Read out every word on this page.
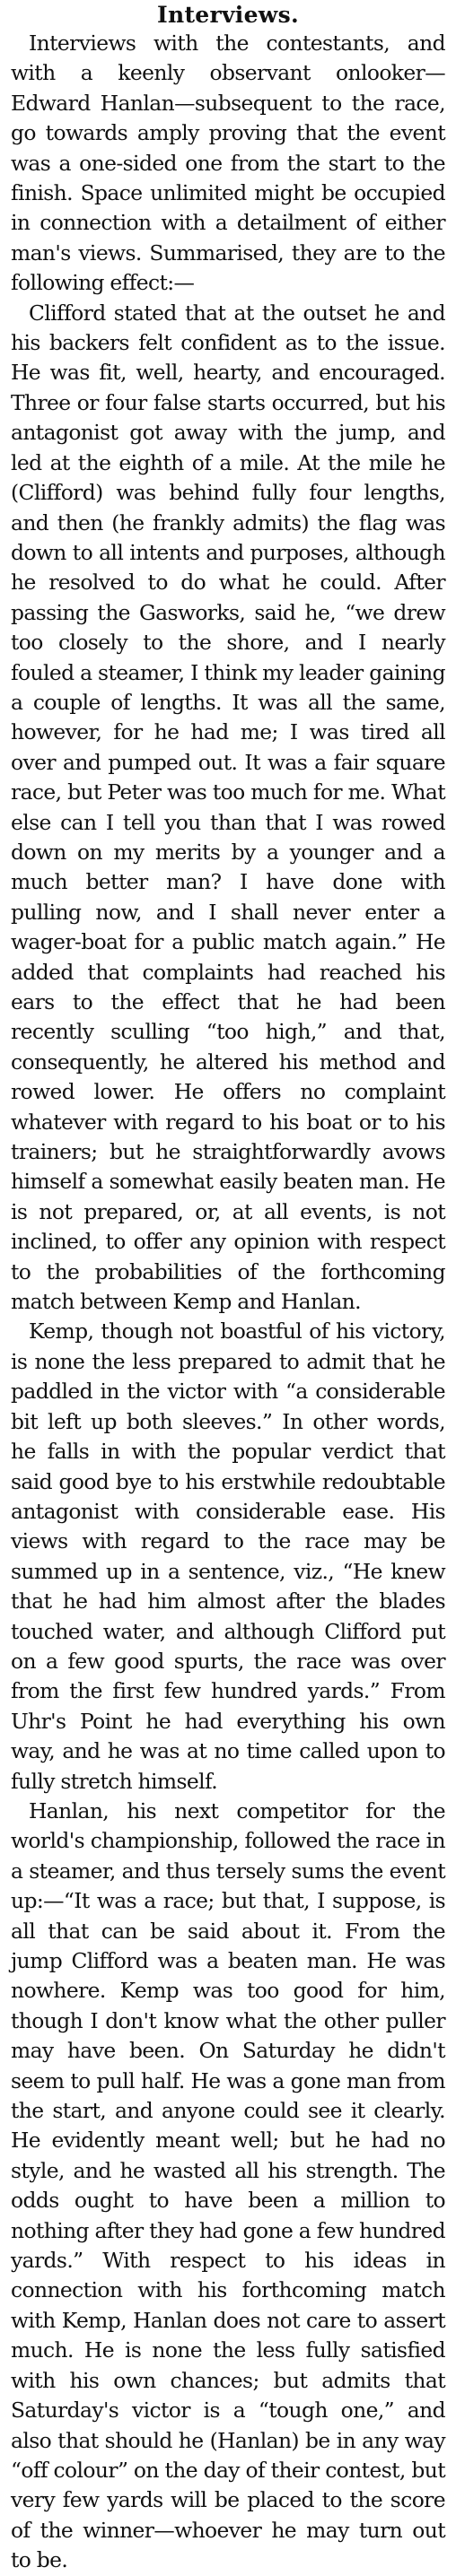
Interviews.

Interviews with the contestants, and with a keenly observant onlooker—Edward Hanlan—subsequent to the race, go towards amply proving that the event was a one-sided one from the start to the finish. Space unlimited might be occupied in connection with a detailment of either man's views. Summarised, they are to the following effect:—

Clifford stated that at the outset he and his backers felt confident as to the issue. He was fit, well, hearty, and encouraged. Three or four false starts occurred, but his antagonist got away with the jump, and led at the eighth of a mile. At the mile he (Clifford) was behind fully four lengths, and then (he frankly admits) the flag was down to all intents and purposes, although he resolved to do what he could. After passing the Gasworks, said he, “we drew too closely to the shore, and I nearly fouled a steamer, I think my leader gaining a couple of lengths. It was all the same, however, for he had me; I was tired all over and pumped out. It was a fair square race, but Peter was too much for me. What else can I tell you than that I was rowed down on my merits by a younger and a much better man? I have done with pulling now, and I shall never enter a wager-boat for a public match again.” He added that complaints had reached his ears to the effect that he had been recently sculling “too high,” and that, consequently, he altered his method and rowed lower. He offers no complaint whatever with regard to his boat or to his trainers; but he straightforwardly avows himself a somewhat easily beaten man. He is not prepared, or, at all events, is not inclined, to offer any opinion with respect to the probabilities of the forthcoming match between Kemp and Hanlan.

Kemp, though not boastful of his victory, is none the less prepared to admit that he paddled in the victor with “a considerable bit left up both sleeves.” In other words, he falls in with the popular verdict that said good bye to his erstwhile redoubtable antagonist with considerable ease. His views with regard to the race may be summed up in a sentence, viz., “He knew that he had him almost after the blades touched water, and although Clifford put on a few good spurts, the race was over from the first few hundred yards.” From Uhr's Point he had everything his own way, and he was at no time called upon to fully stretch himself.

Hanlan, his next competitor for the world's championship, followed the race in a steamer, and thus tersely sums the event up:—“It was a race; but that, I suppose, is all that can be said about it. From the jump Clifford was a beaten man. He was nowhere. Kemp was too good for him, though I don't know what the other puller may have been. On Saturday he didn't seem to pull half. He was a gone man from the start, and anyone could see it clearly. He evidently meant well; but he had no style, and he wasted all his strength. The odds ought to have been a million to nothing after they had gone a few hundred yards.” With respect to his ideas in connection with his forthcoming match with Kemp, Hanlan does not care to assert much. He is none the less fully satisfied with his own chances; but admits that Saturday's victor is a “tough one,” and also that should he (Hanlan) be in any way “off colour” on the day of their contest, but very few yards will be placed to the score of the winner—whoever he may turn out to be.
